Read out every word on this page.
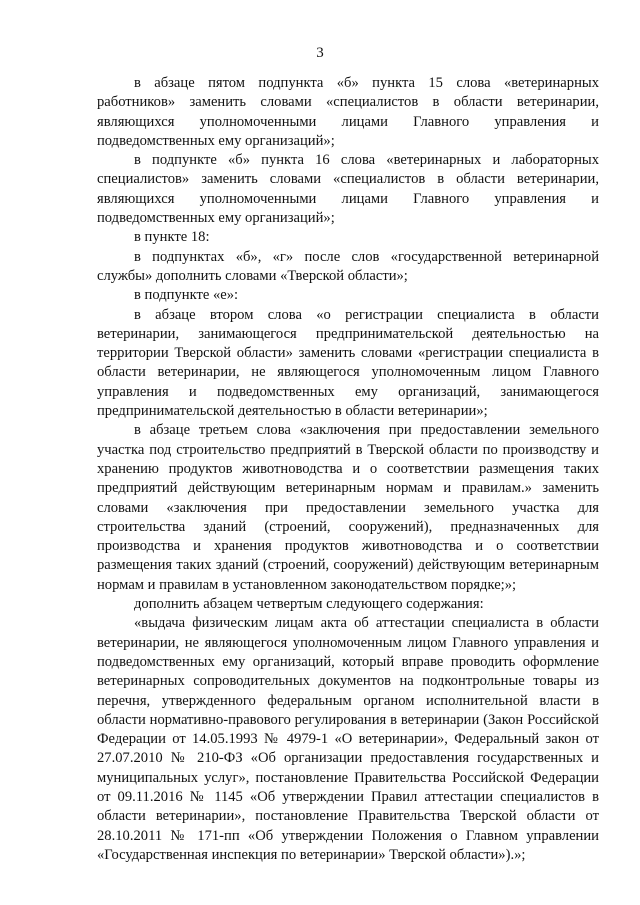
3

в абзаце пятом подпункта «б» пункта 15 слова «ветеринарных работников» заменить словами «специалистов в области ветеринарии, являющихся уполномоченными лицами Главного управления и подведомственных ему организаций»;

в подпункте «б» пункта 16 слова «ветеринарных и лабораторных специалистов» заменить словами «специалистов в области ветеринарии, являющихся уполномоченными лицами Главного управления и подведомственных ему организаций»;

в пункте 18:

в подпунктах «б», «г» после слов «государственной ветеринарной службы» дополнить словами «Тверской области»;

в подпункте «е»:

в абзаце втором слова «о регистрации специалиста в области ветеринарии, занимающегося предпринимательской деятельностью на территории Тверской области» заменить словами «регистрации специалиста в области ветеринарии, не являющегося уполномоченным лицом Главного управления и подведомственных ему организаций, занимающегося предпринимательской деятельностью в области ветеринарии»;

в абзаце третьем слова «заключения при предоставлении земельного участка под строительство предприятий в Тверской области по производству и хранению продуктов животноводства и о соответствии размещения таких предприятий действующим ветеринарным нормам и правилам.» заменить словами «заключения при предоставлении земельного участка для строительства зданий (строений, сооружений), предназначенных для производства и хранения продуктов животноводства и о соответствии размещения таких зданий (строений, сооружений) действующим ветеринарным нормам и правилам в установленном законодательством порядке;»;

дополнить абзацем четвертым следующего содержания:

«выдача физическим лицам акта об аттестации специалиста в области ветеринарии, не являющегося уполномоченным лицом Главного управления и подведомственных ему организаций, который вправе проводить оформление ветеринарных сопроводительных документов на подконтрольные товары из перечня, утвержденного федеральным органом исполнительной власти в области нормативно-правового регулирования в ветеринарии (Закон Российской Федерации от 14.05.1993 № 4979-1 «О ветеринарии», Федеральный закон от 27.07.2010 № 210-ФЗ «Об организации предоставления государственных и муниципальных услуг», постановление Правительства Российской Федерации от 09.11.2016 № 1145 «Об утверждении Правил аттестации специалистов в области ветеринарии», постановление Правительства Тверской области от 28.10.2011 № 171-пп «Об утверждении Положения о Главном управлении «Государственная инспекция по ветеринарии» Тверской области»).»;
